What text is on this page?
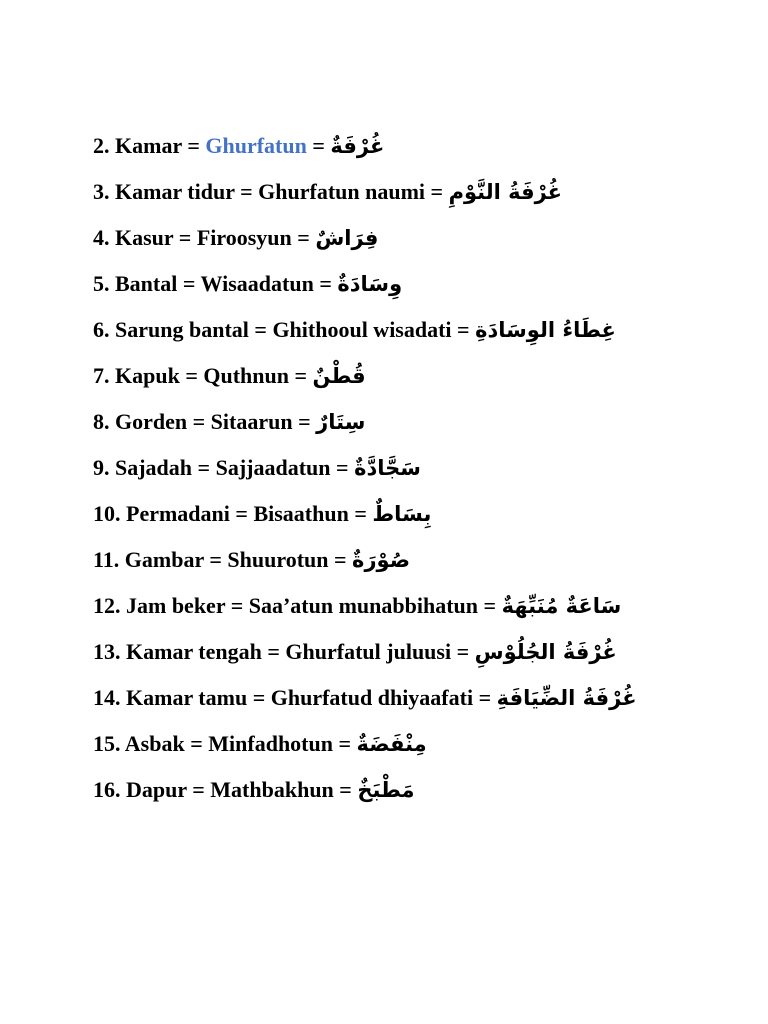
2. Kamar = Ghurfatun = غُرْفَةٌ

3. Kamar tidur = Ghurfatun naumi = غُرْفَةُ النَّوْمِ

4. Kasur = Firoosyun = فِرَاشٌ

5. Bantal = Wisaadatun = وِسَادَةٌ

6. Sarung bantal = Ghithooul wisadati = غِطَاءُ الوِسَادَةِ

7. Kapuk = Quthnun = قُطْنٌ

8. Gorden = Sitaarun = سِتَارٌ

9. Sajadah = Sajjaadatun = سَجَّادَّةٌ

10. Permadani = Bisaathun = بِسَاطٌ

11. Gambar = Shuurotun = صُوْرَةٌ

12. Jam beker = Saa’atun munabbihatun = سَاعَةٌ مُنَبِّهَةٌ

13. Kamar tengah = Ghurfatul juluusi = غُرْفَةُ الجُلُوْسِ

14. Kamar tamu = Ghurfatud dhiyaafati = غُرْفَةُ الضِّيَافَةِ

15. Asbak = Minfadhotun = مِنْفَضَةٌ

16. Dapur = Mathbakhun = مَطْبَخٌ
